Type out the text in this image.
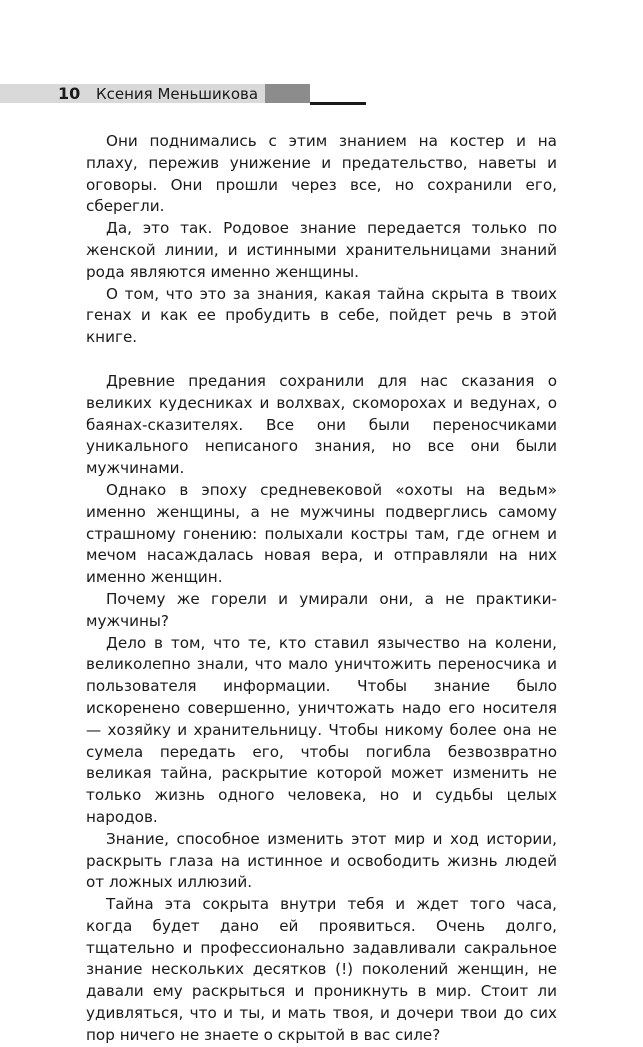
10 Ксения Меньшикова

Они поднимались с этим знанием на костер и на плаху, пережив унижение и предательство, наветы и оговоры. Они прошли через все, но сохранили его, сберегли.

Да, это так. Родовое знание передается только по женской линии, и истинными хранительницами знаний рода являются именно женщины.

О том, что это за знания, какая тайна скрыта в твоих генах и как ее пробудить в себе, пойдет речь в этой книге.

Древние предания сохранили для нас сказания о великих кудесниках и волхвах, скоморохах и ведунах, о баянах-сказителях. Все они были переносчиками уникального неписаного знания, но все они были мужчинами.

Однако в эпоху средневековой «охоты на ведьм» именно женщины, а не мужчины подверглись самому страшному гонению: полыхали костры там, где огнем и мечом насаждалась новая вера, и отправляли на них именно женщин.

Почему же горели и умирали они, а не практики-мужчины?

Дело в том, что те, кто ставил язычество на колени, великолепно знали, что мало уничтожить переносчика и пользователя информации. Чтобы знание было искоренено совершенно, уничтожать надо его носителя — хозяйку и хранительницу. Чтобы никому более она не сумела передать его, чтобы погибла безвозвратно великая тайна, раскрытие которой может изменить не только жизнь одного человека, но и судьбы целых народов.

Знание, способное изменить этот мир и ход истории, раскрыть глаза на истинное и освободить жизнь людей от ложных иллюзий.

Тайна эта сокрыта внутри тебя и ждет того часа, когда будет дано ей проявиться. Очень долго, тщательно и профессионально задавливали сакральное знание нескольких десятков (!) поколений женщин, не давали ему раскрыться и проникнуть в мир. Стоит ли удивляться, что и ты, и мать твоя, и дочери твои до сих пор ничего не знаете о скрытой в вас силе?
